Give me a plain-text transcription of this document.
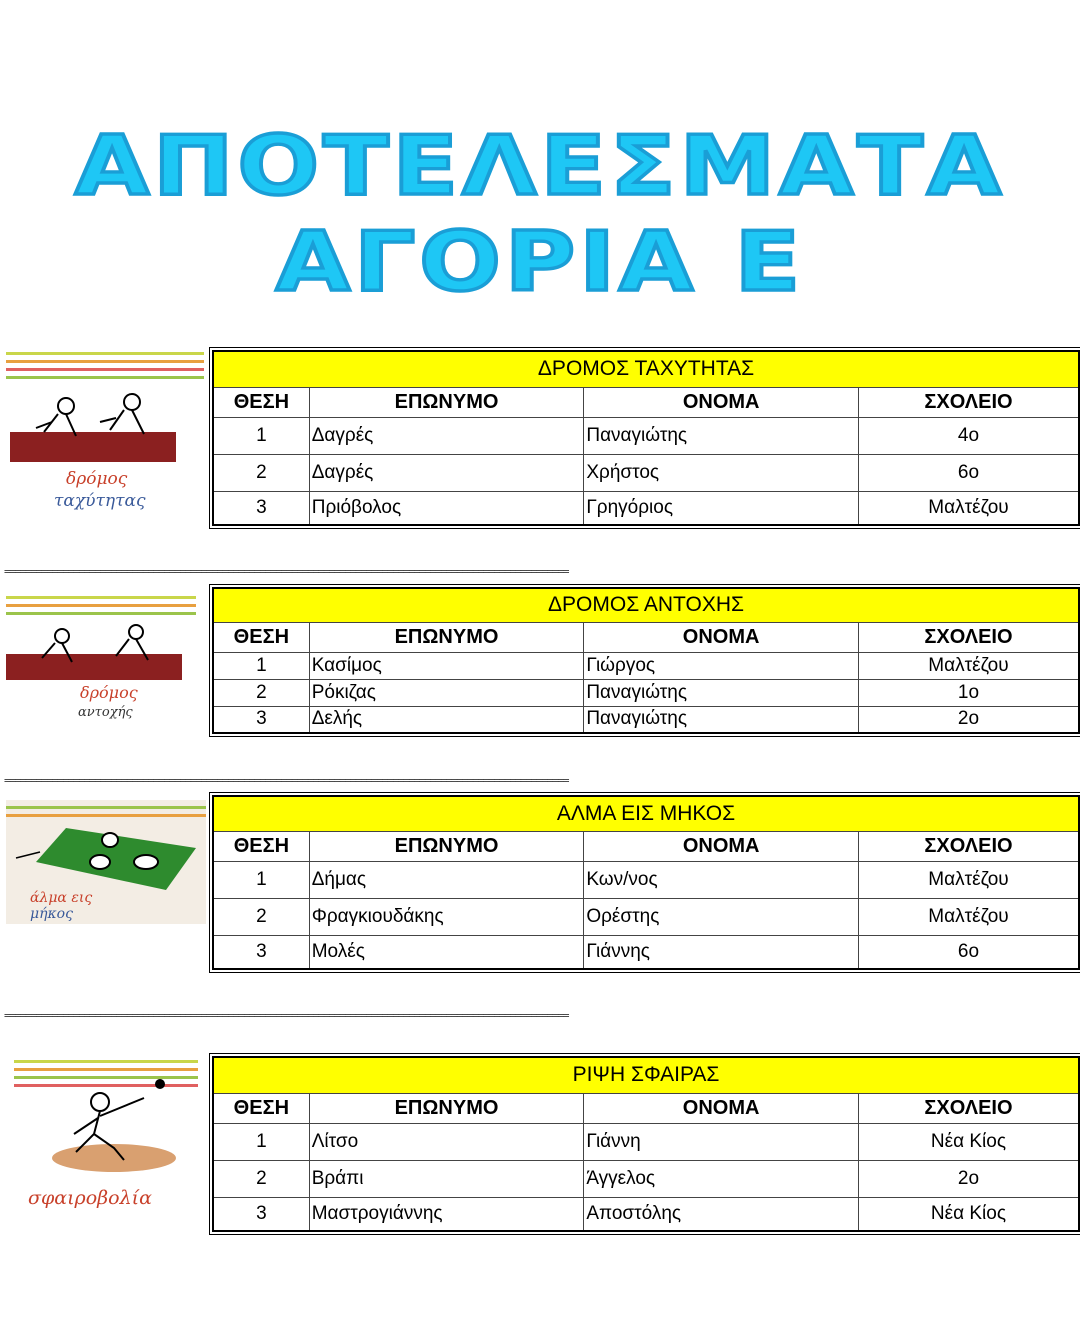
ΑΠΟΤΕΛΕΣΜΑΤΑ
ΑΓΟΡΙΑ Ε
δρόμος
ταχύτητας
ΔΡΟΜΟΣ ΤΑΧΥΤΗΤΑΣ			
ΘΕΣΗ	ΕΠΩΝΥΜΟ	ΟΝΟΜΑ	ΣΧΟΛΕΙΟ
1	Δαγρές	Παναγιώτης	4ο
2	Δαγρές	Χρήστος	6ο
3	Πριόβολος	Γρηγόριος	Μαλτέζου
==========================================================================================================
δρόμος
αντοχής
ΔΡΟΜΟΣ ΑΝΤΟΧΗΣ			
ΘΕΣΗ	ΕΠΩΝΥΜΟ	ΟΝΟΜΑ	ΣΧΟΛΕΙΟ
1	Κασίμος	Γιώργος	Μαλτέζου
2	Ρόκιζας	Παναγιώτης	1ο
3	Δελής	Παναγιώτης	2ο
==========================================================================================================
άλμα εις
μήκος
ΑΛΜΑ ΕΙΣ ΜΗΚΟΣ			
ΘΕΣΗ	ΕΠΩΝΥΜΟ	ΟΝΟΜΑ	ΣΧΟΛΕΙΟ
1	Δήμας	Κων/νος	Μαλτέζου
2	Φραγκιουδάκης	Ορέστης	Μαλτέζου
3	Μολές	Γιάννης	6ο
==========================================================================================================
σφαιροβολία
ΡΙΨΗ ΣΦΑΙΡΑΣ			
ΘΕΣΗ	ΕΠΩΝΥΜΟ	ΟΝΟΜΑ	ΣΧΟΛΕΙΟ
1	Λίτσο	Γιάννη	Νέα Κίος
2	Βράπι	Άγγελος	2ο
3	Μαστρογιάννης	Αποστόλης	Νέα Κίος
